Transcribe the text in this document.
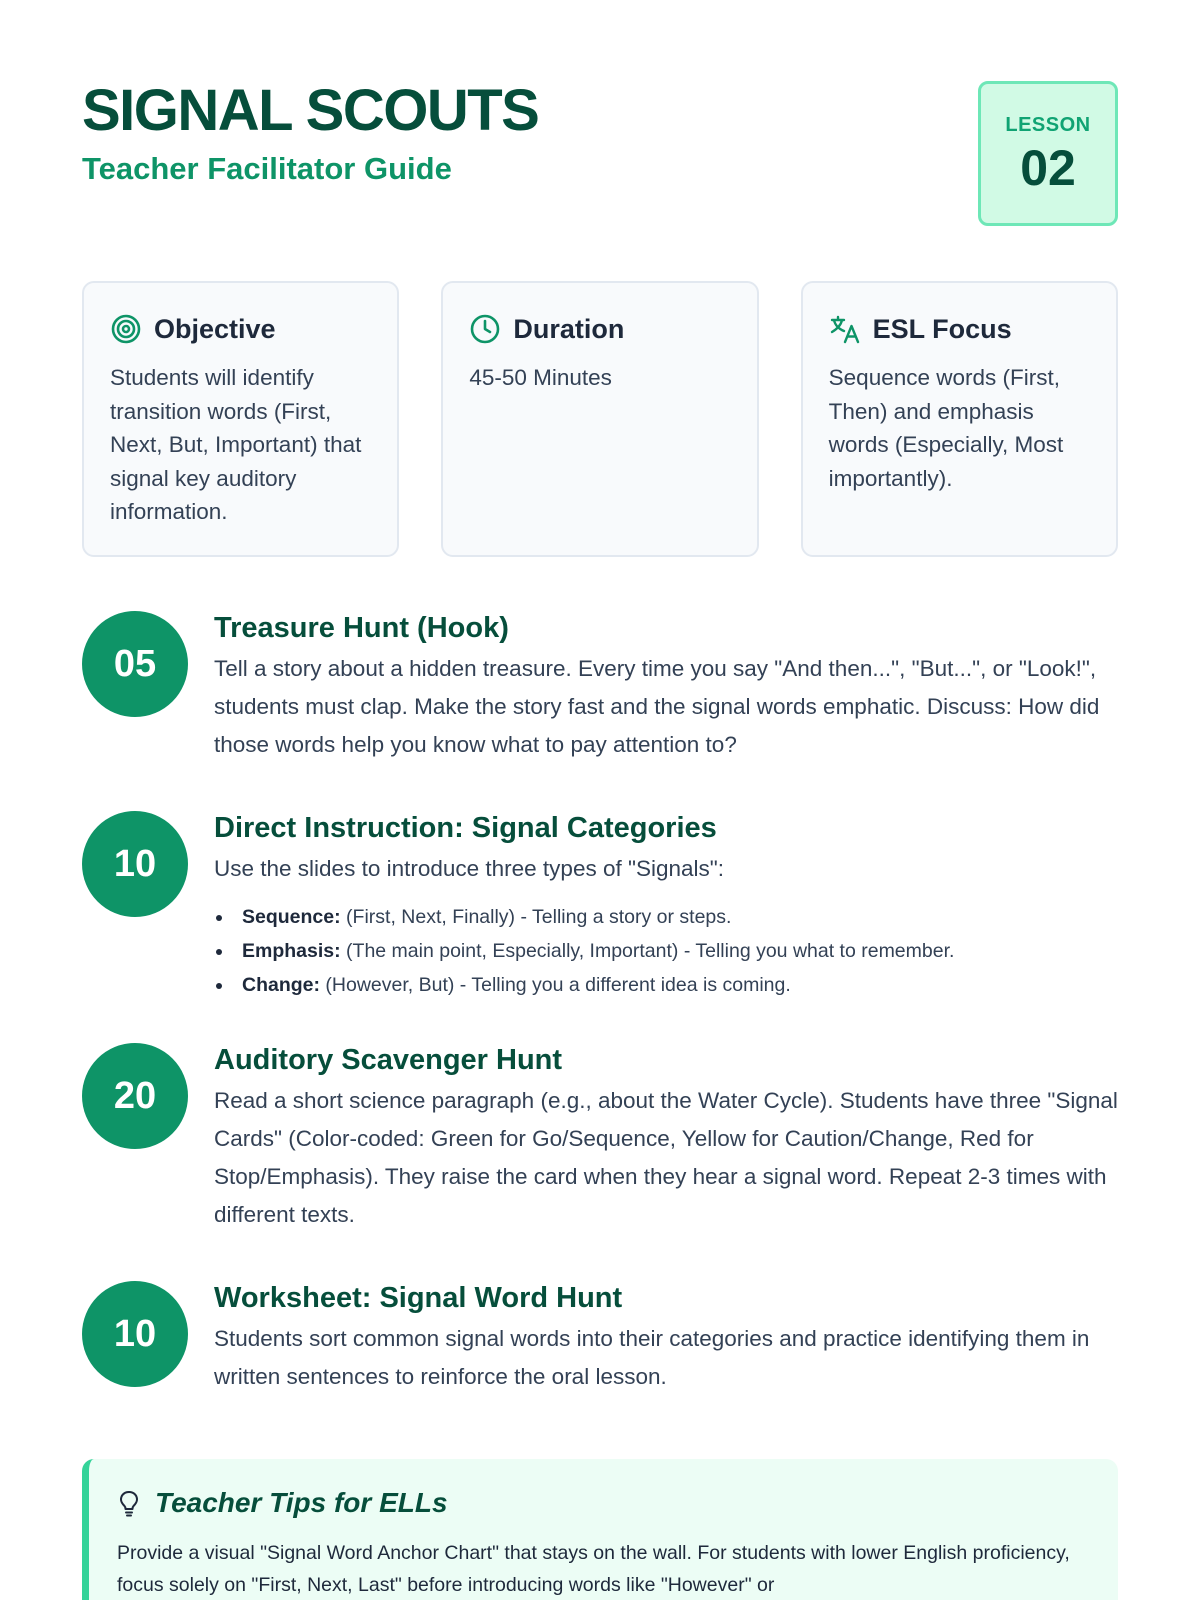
SIGNAL SCOUTS
Teacher Facilitator Guide
LESSON
02
Objective

Students will identify transition words (First, Next, But, Important) that signal key auditory information.

Duration

45-50 Minutes

ESL Focus

Sequence words (First, Then) and emphasis words (Especially, Most importantly).

05
Treasure Hunt (Hook)

Tell a story about a hidden treasure. Every time you say "And then...", "But...", or "Look!", students must clap. Make the story fast and the signal words emphatic. Discuss: How did those words help you know what to pay attention to?

10
Direct Instruction: Signal Categories

Use the slides to introduce three types of "Signals":

Sequence: (First, Next, Finally) - Telling a story or steps.
Emphasis: (The main point, Especially, Important) - Telling you what to remember.
Change: (However, But) - Telling you a different idea is coming.
20
Auditory Scavenger Hunt

Read a short science paragraph (e.g., about the Water Cycle). Students have three "Signal Cards" (Color-coded: Green for Go/Sequence, Yellow for Caution/Change, Red for Stop/Emphasis). They raise the card when they hear a signal word. Repeat 2-3 times with different texts.

10
Worksheet: Signal Word Hunt

Students sort common signal words into their categories and practice identifying them in written sentences to reinforce the oral lesson.

Teacher Tips for ELLs

Provide a visual "Signal Word Anchor Chart" that stays on the wall. For students with lower English proficiency, focus solely on "First, Next, Last" before introducing words like "However" or
